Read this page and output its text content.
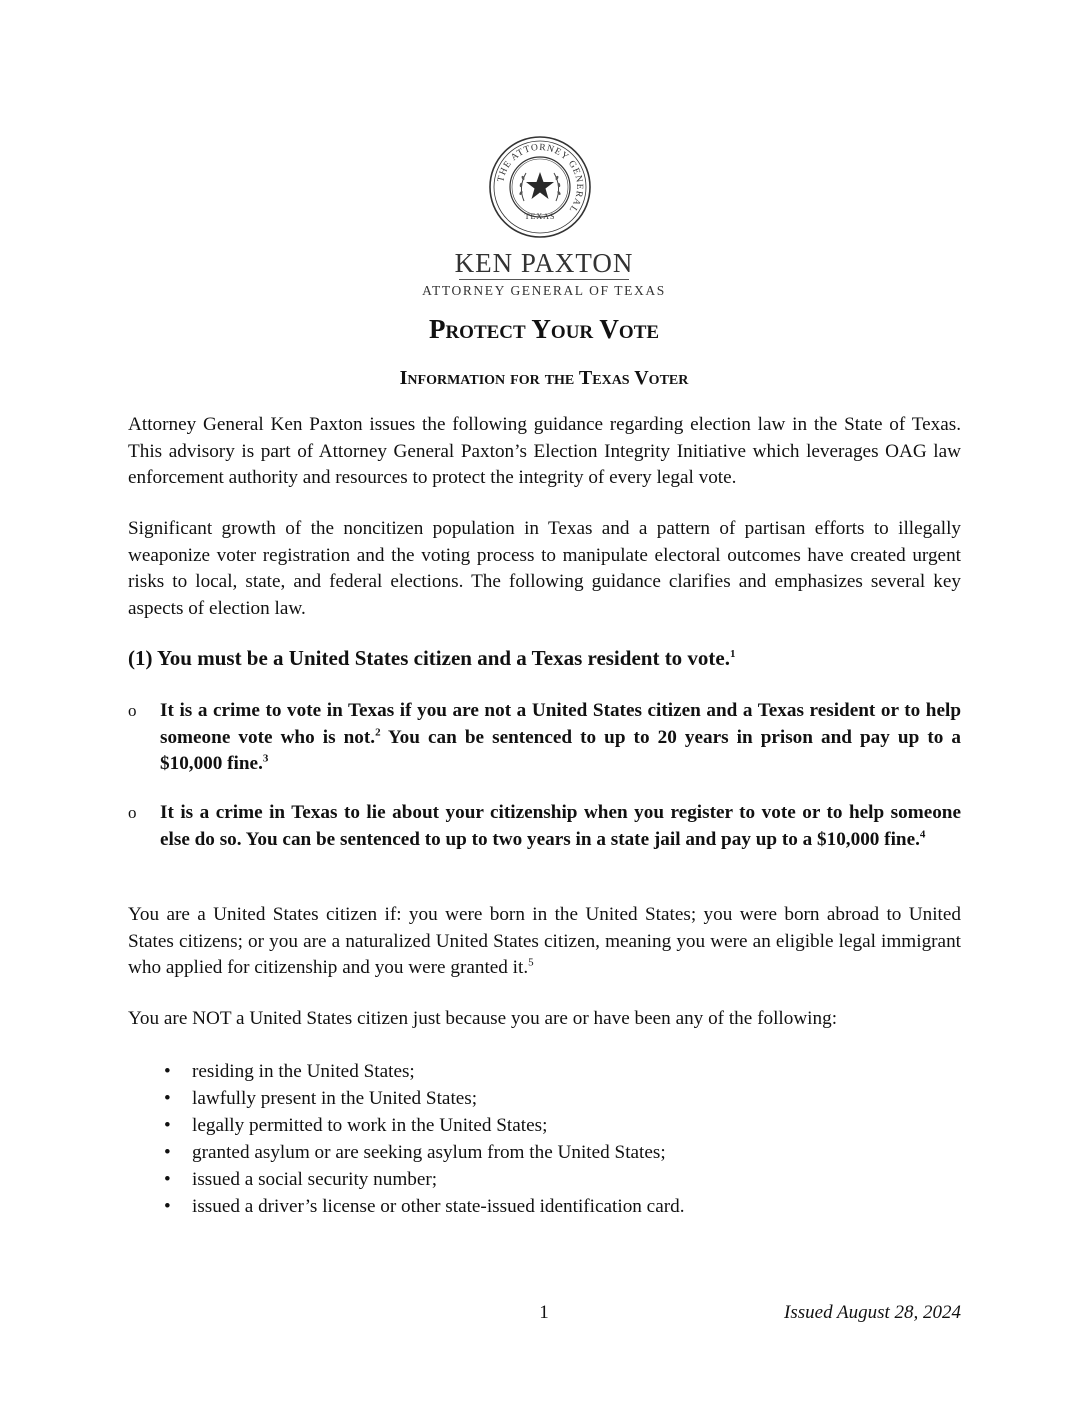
THE ATTORNEY GENERAL
TEXAS
KEN PAXTON
ATTORNEY GENERAL OF TEXAS
Protect Your Vote
Information for the Texas Voter

Attorney General Ken Paxton issues the following guidance regarding election law in the State of Texas. This advisory is part of Attorney General Paxton’s Election Integrity Initiative which leverages OAG law enforcement authority and resources to protect the integrity of every legal vote.

Significant growth of the noncitizen population in Texas and a pattern of partisan efforts to illegally weaponize voter registration and the voting process to manipulate electoral outcomes have created urgent risks to local, state, and federal elections. The following guidance clarifies and emphasizes several key aspects of election law.

(1) You must be a United States citizen and a Texas resident to vote.$^1$

o It is a crime to vote in Texas if you are not a United States citizen and a Texas resident or to help someone vote who is not.$^2$ You can be sentenced to up to 20 years in prison and pay up to a $10,000 fine.$^3$
o It is a crime in Texas to lie about your citizenship when you register to vote or to help someone else do so. You can be sentenced to up to two years in a state jail and pay up to a $10,000 fine.$^4$

You are a United States citizen if: you were born in the United States; you were born abroad to United States citizens; or you are a naturalized United States citizen, meaning you were an eligible legal immigrant who applied for citizenship and you were granted it.$^5$

You are NOT a United States citizen just because you are or have been any of the following:

• residing in the United States;
• lawfully present in the United States;
• legally permitted to work in the United States;
• granted asylum or are seeking asylum from the United States;
• issued a social security number;
• issued a driver’s license or other state-issued identification card.
1	Issued August 28, 2024
